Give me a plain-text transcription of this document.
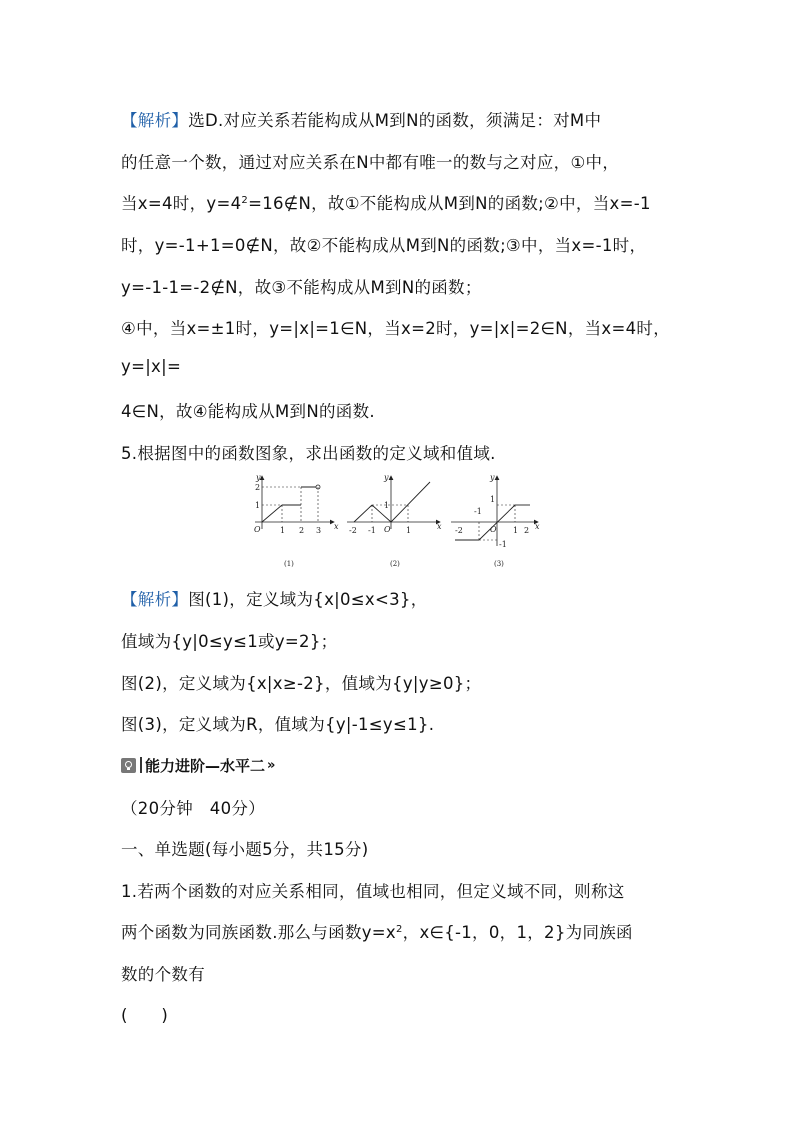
【解析】选D.对应关系若能构成从M到N的函数，须满足：对M中
的任意一个数，通过对应关系在N中都有唯一的数与之对应，①中，
当x=4时，$y=4^2=16\notin N$，故①不能构成从M到N的函数;②中，当x=-1
时，y=-1+1=0∉N，故②不能构成从M到N的函数;③中，当x=-1时，
y=-1-1=-2∉N，故③不能构成从M到N的函数；
④中，当x=±1时，y=|x|=1∈N，当x=2时，y=|x|=2∈N，当x=4时，
y=|x|=
4∈N，故④能构成从M到N的函数.
5.根据图中的函数图象，求出函数的定义域和值域.
x
y
O 1 2 3
1
2
(1)
x
y
O
-2 -1	1
1
(2)
x
y
O
-2
-1
1 2
1
-1
(3)
【解析】图(1)，定义域为{x|0≤x<3}，
值域为{y|0≤y≤1或y=2}；
图(2)，定义域为{x|x≥-2}，值域为{y|y≥0}；
图(3)，定义域为R，值域为{y|-1≤y≤1}.
能力进阶—水平二 »
（20分钟　40分）
一、单选题(每小题5分，共15分)
1.若两个函数的对应关系相同，值域也相同，但定义域不同，则称这
两个函数为同族函数.那么与函数$y=x^2$，x∈{-1，0，1，2}为同族函
数的个数有
(　　)
